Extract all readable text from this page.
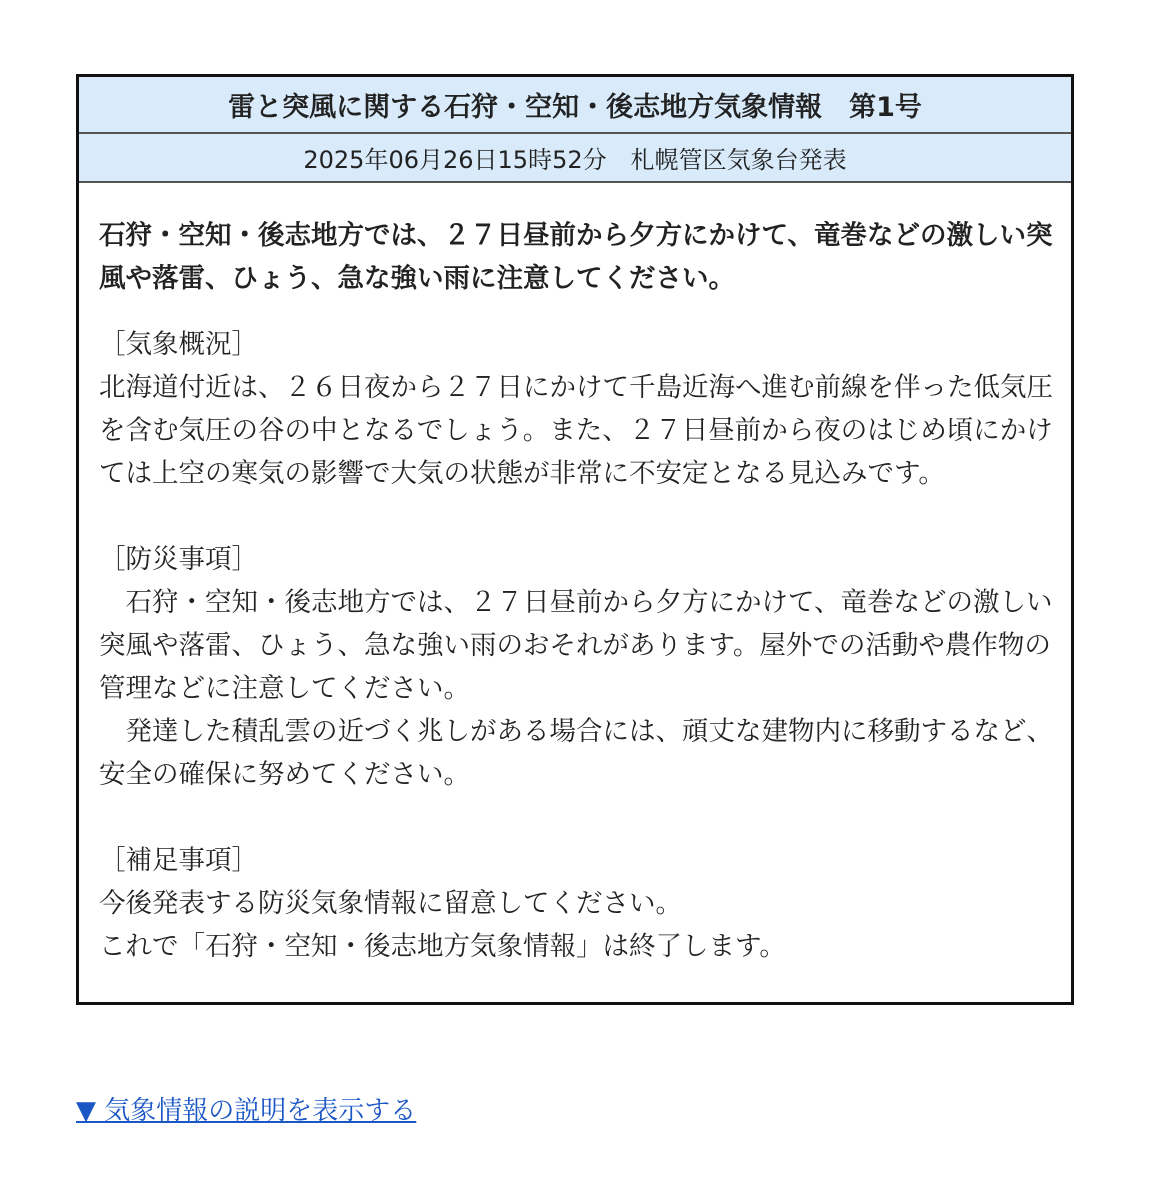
雷と突風に関する石狩・空知・後志地方気象情報　第1号
2025年06月26日15時52分　札幌管区気象台発表

石狩・空知・後志地方では、２７日昼前から夕方にかけて、竜巻などの激しい突風や落雷、ひょう、急な強い雨に注意してください。

［気象概況］

北海道付近は、２６日夜から２７日にかけて千島近海へ進む前線を伴った低気圧を含む気圧の谷の中となるでしょう。また、２７日昼前から夜のはじめ頃にかけては上空の寒気の影響で大気の状態が非常に不安定となる見込みです。

［防災事項］

　石狩・空知・後志地方では、２７日昼前から夕方にかけて、竜巻などの激しい突風や落雷、ひょう、急な強い雨のおそれがあります。屋外での活動や農作物の管理などに注意してください。

　発達した積乱雲の近づく兆しがある場合には、頑丈な建物内に移動するなど、安全の確保に努めてください。

［補足事項］

今後発表する防災気象情報に留意してください。

これで「石狩・空知・後志地方気象情報」は終了します。

▼ 気象情報の説明を表示する
